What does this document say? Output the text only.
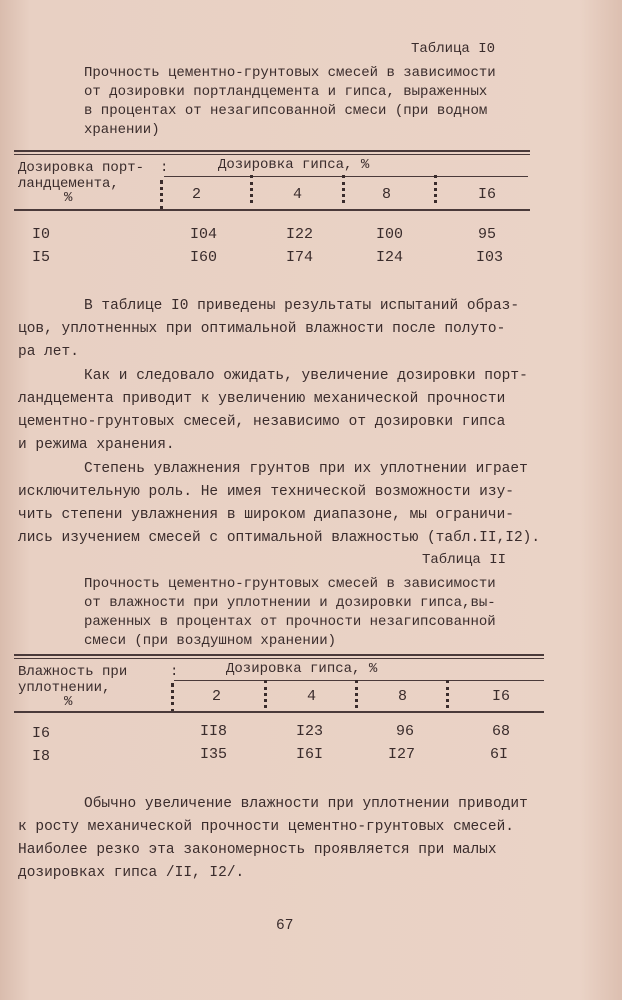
Таблица I0
Прочность цементно-грунтовых смесей в зависимости
от дозировки портландцемента и гипса, выраженных
в процентах от незагипсованной смеси (при водном
хранении)
Дозировка порт-
ландцемента,
%
:	Дозировка гипса, %
2	4	8	I6
I0	I04	I22	I00	95
I5	I60	I74	I24	I03
В таблице I0 приведены результаты испытаний образ-
цов, уплотненных при оптимальной влажности после полуто-
ра лет.
Как и следовало ожидать, увеличение дозировки порт-
ландцемента приводит к увеличению механической прочности
цементно-грунтовых смесей, независимо от дозировки гипса
и режима хранения.
Степень увлажнения грунтов при их уплотнении играет
исключительную роль. Не имея технической возможности изу-
чить степени увлажнения в широком диапазоне, мы ограничи-
лись изучением смесей с оптимальной влажностью (табл.II,I2).
Таблица II
Прочность цементно-грунтовых смесей в зависимости
от влажности при уплотнении и дозировки гипса,вы-
раженных в процентах от прочности незагипсованной
смеси (при воздушном хранении)
Влажность при
уплотнении,
%
:	Дозировка гипса, %
2	4	8	I6
I6	II8	I23	96	68
I8	I35	I6I	I27	6I
Обычно увеличение влажности при уплотнении приводит
к росту механической прочности цементно-грунтовых смесей.
Наиболее резко эта закономерность проявляется при малых
дозировках гипса /II, I2/.
67
